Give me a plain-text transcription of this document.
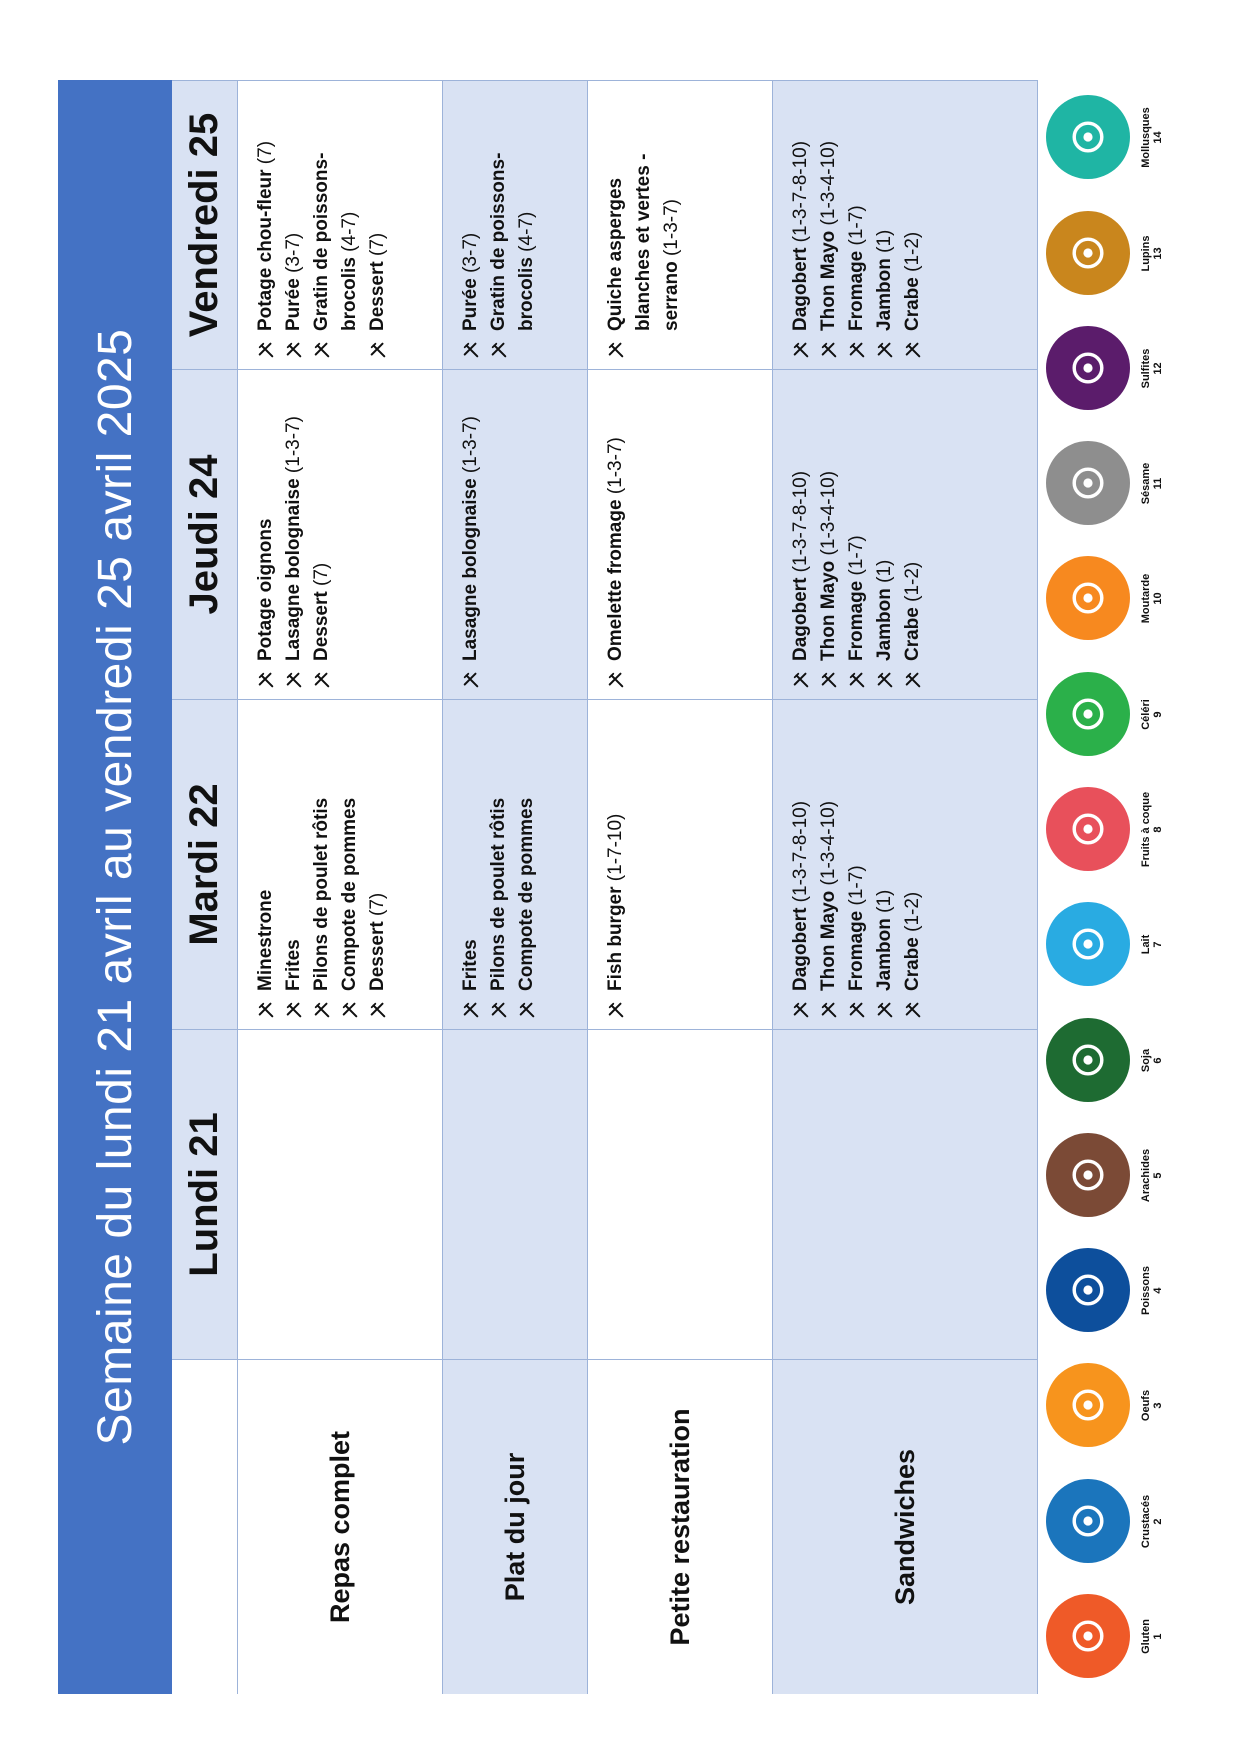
Semaine du lundi 21 avril au vendredi 25 avril 2025	Lundi 21
Mardi 22
Jeudi 24
Vendredi 25
Repas complet
Minestrone Frites Pilons de poulet rôtis Compote de pommes Dessert (7)
Potage oignons Lasagne bolognaise (1-3-7)
Dessert (7)
Potage chou-fleur (7)
Purée (3-7) Gratin de poissons-brocolis (4-7)
Dessert (7)
Plat du jour
Frites Pilons de poulet rôtis Compote de pommes
Lasagne bolognaise (1-3-7)
Purée (3-7) Gratin de poissons-brocolis (4-7)
Petite restauration
Fish burger (1-7-10)
Omelette fromage (1-3-7)
Quiche asperges blanches et vertes - serrano (1-3-7)
Sandwiches
Dagobert (1-3-7-8-10)
Thon Mayo (1-3-4-10)
Fromage (1-7)
Jambon (1)
Crabe (1-2)
Dagobert (1-3-7-8-10)
Thon Mayo (1-3-4-10)
Fromage (1-7)
Jambon (1)
Crabe (1-2)
Dagobert (1-3-7-8-10)
Thon Mayo (1-3-4-10)
Fromage (1-7)
Jambon (1)
Crabe (1-2)
Gluten 1
Crustacés 2
Oeufs 3
Poissons 4
Arachides 5
Soja 6
Lait 7
Fruits à coque 8
Céléri 9
Moutarde 10
Sésame 11
Sulfites 12
Lupins 13
Mollusques 14
